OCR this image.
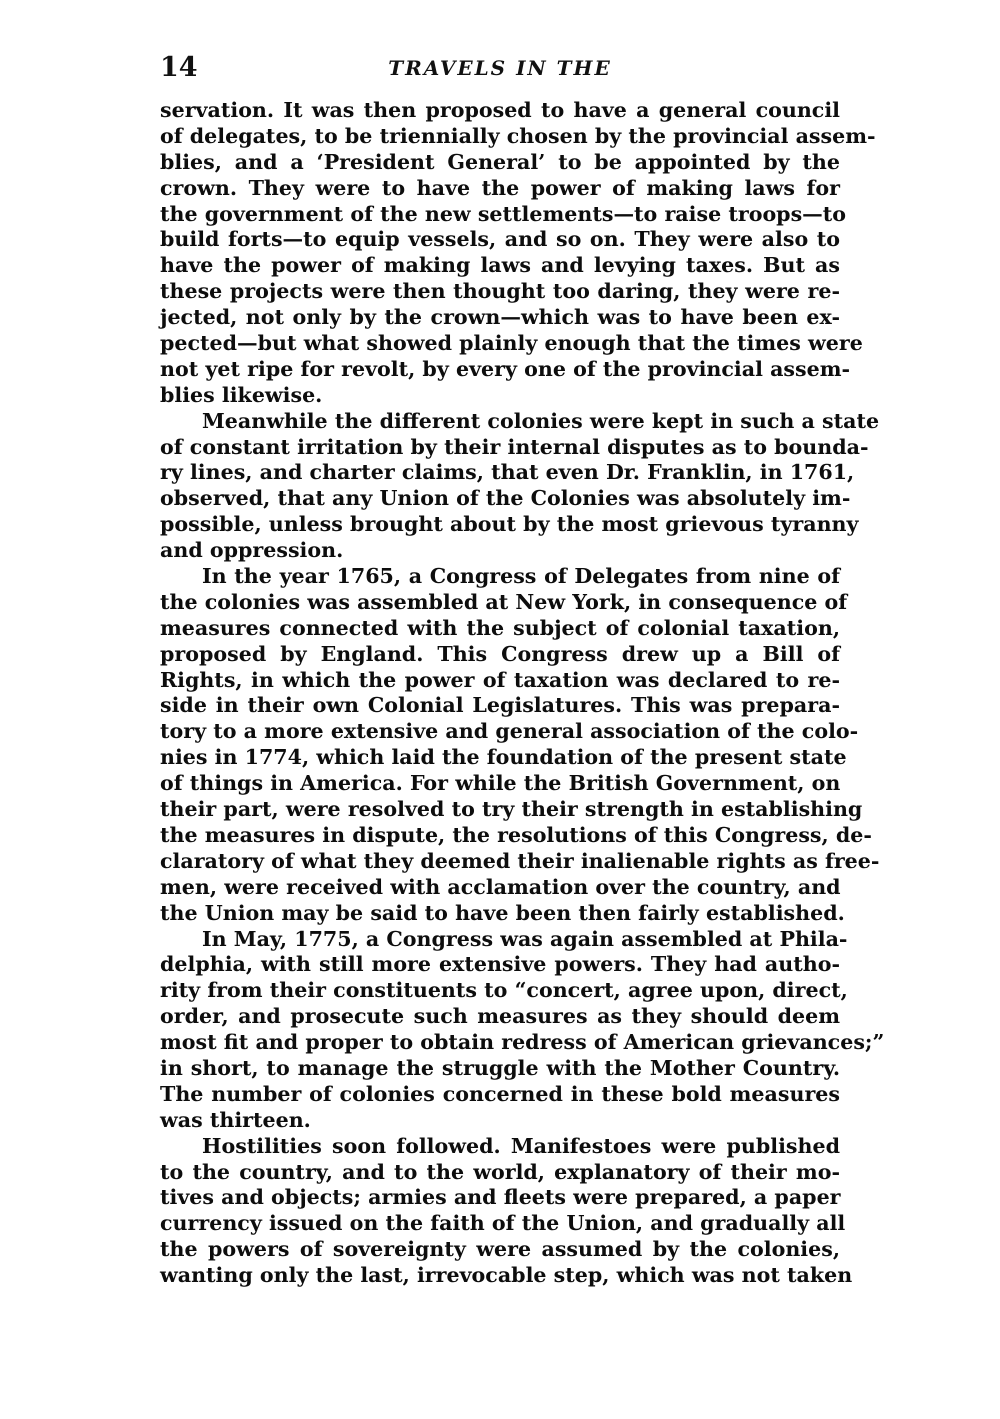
14	TRAVELS IN THE
servation. It was then proposed to have a general council
of delegates, to be triennially chosen by the provincial assem-
blies, and a ‘President General’ to be appointed by the
crown. They were to have the power of making laws for
the government of the new settlements—to raise troops—to
build forts—to equip vessels, and so on. They were also to
have the power of making laws and levying taxes. But as
these projects were then thought too daring, they were re-
jected, not only by the crown—which was to have been ex-
pected—but what showed plainly enough that the times were
not yet ripe for revolt, by every one of the provincial assem-
blies likewise.
Meanwhile the different colonies were kept in such a state
of constant irritation by their internal disputes as to bounda-
ry lines, and charter claims, that even Dr. Franklin, in 1761,
observed, that any Union of the Colonies was absolutely im-
possible, unless brought about by the most grievous tyranny
and oppression.
In the year 1765, a Congress of Delegates from nine of
the colonies was assembled at New York, in consequence of
measures connected with the subject of colonial taxation,
proposed by England. This Congress drew up a Bill of
Rights, in which the power of taxation was declared to re-
side in their own Colonial Legislatures. This was prepara-
tory to a more extensive and general association of the colo-
nies in 1774, which laid the foundation of the present state
of things in America. For while the British Government, on
their part, were resolved to try their strength in establishing
the measures in dispute, the resolutions of this Congress, de-
claratory of what they deemed their inalienable rights as free-
men, were received with acclamation over the country, and
the Union may be said to have been then fairly established.
In May, 1775, a Congress was again assembled at Phila-
delphia, with still more extensive powers. They had autho-
rity from their constituents to “concert, agree upon, direct,
order, and prosecute such measures as they should deem
most fit and proper to obtain redress of American grievances;”
in short, to manage the struggle with the Mother Country.
The number of colonies concerned in these bold measures
was thirteen.
Hostilities soon followed. Manifestoes were published
to the country, and to the world, explanatory of their mo-
tives and objects; armies and fleets were prepared, a paper
currency issued on the faith of the Union, and gradually all
the powers of sovereignty were assumed by the colonies,
wanting only the last, irrevocable step, which was not taken
